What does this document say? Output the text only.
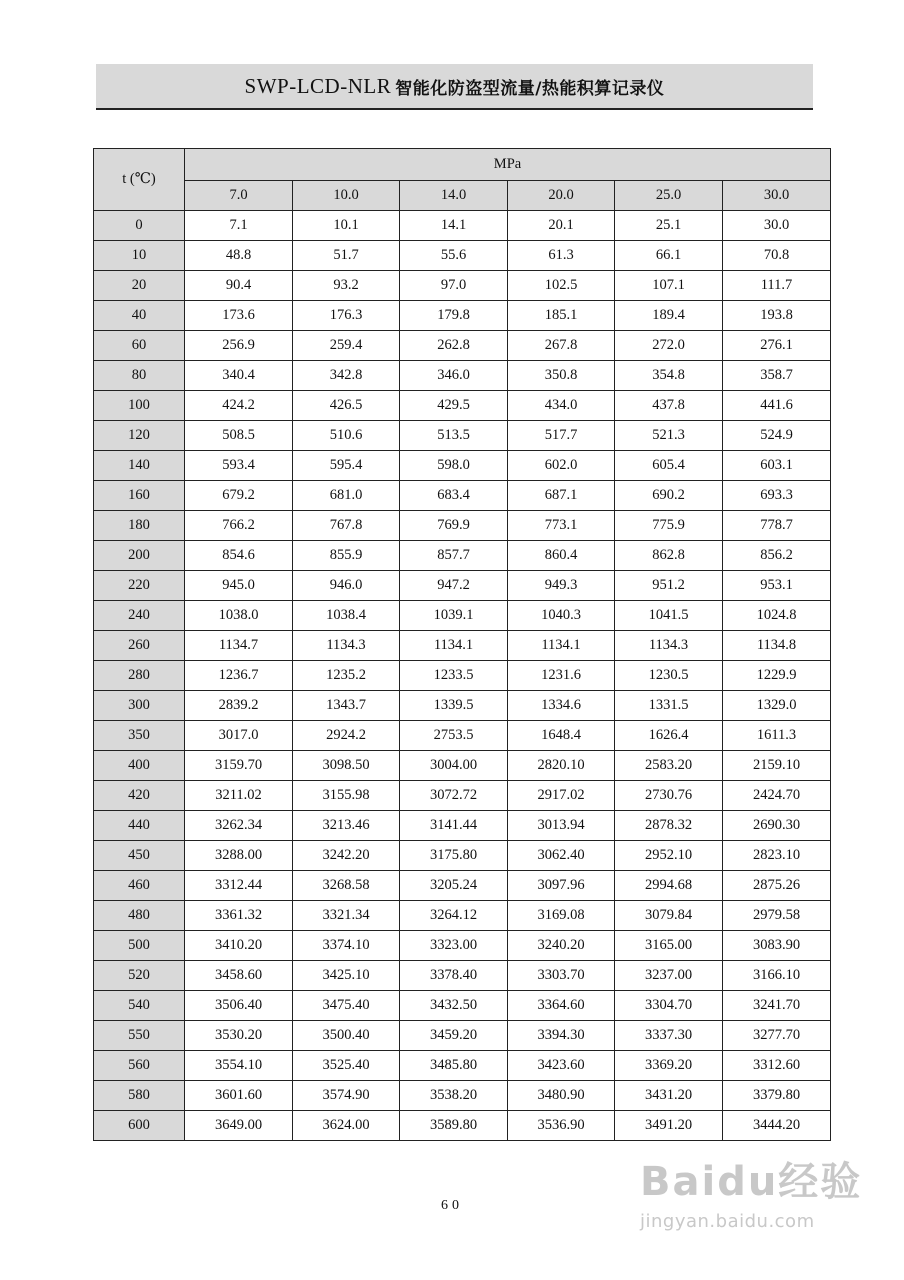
SWP-LCD-NLR 智能化防盗型流量/热能积算记录仪
t (℃)	MPa					
	7.0	10.0	14.0	20.0	25.0	30.0
0	7.1	10.1	14.1	20.1	25.1	30.0
10	48.8	51.7	55.6	61.3	66.1	70.8
20	90.4	93.2	97.0	102.5	107.1	111.7
40	173.6	176.3	179.8	185.1	189.4	193.8
60	256.9	259.4	262.8	267.8	272.0	276.1
80	340.4	342.8	346.0	350.8	354.8	358.7
100	424.2	426.5	429.5	434.0	437.8	441.6
120	508.5	510.6	513.5	517.7	521.3	524.9
140	593.4	595.4	598.0	602.0	605.4	603.1
160	679.2	681.0	683.4	687.1	690.2	693.3
180	766.2	767.8	769.9	773.1	775.9	778.7
200	854.6	855.9	857.7	860.4	862.8	856.2
220	945.0	946.0	947.2	949.3	951.2	953.1
240	1038.0	1038.4	1039.1	1040.3	1041.5	1024.8
260	1134.7	1134.3	1134.1	1134.1	1134.3	1134.8
280	1236.7	1235.2	1233.5	1231.6	1230.5	1229.9
300	2839.2	1343.7	1339.5	1334.6	1331.5	1329.0
350	3017.0	2924.2	2753.5	1648.4	1626.4	1611.3
400	3159.70	3098.50	3004.00	2820.10	2583.20	2159.10
420	3211.02	3155.98	3072.72	2917.02	2730.76	2424.70
440	3262.34	3213.46	3141.44	3013.94	2878.32	2690.30
450	3288.00	3242.20	3175.80	3062.40	2952.10	2823.10
460	3312.44	3268.58	3205.24	3097.96	2994.68	2875.26
480	3361.32	3321.34	3264.12	3169.08	3079.84	2979.58
500	3410.20	3374.10	3323.00	3240.20	3165.00	3083.90
520	3458.60	3425.10	3378.40	3303.70	3237.00	3166.10
540	3506.40	3475.40	3432.50	3364.60	3304.70	3241.70
550	3530.20	3500.40	3459.20	3394.30	3337.30	3277.70
560	3554.10	3525.40	3485.80	3423.60	3369.20	3312.60
580	3601.60	3574.90	3538.20	3480.90	3431.20	3379.80
600	3649.00	3624.00	3589.80	3536.90	3491.20	3444.20
60
Baidu经验
jingyan.baidu.com
